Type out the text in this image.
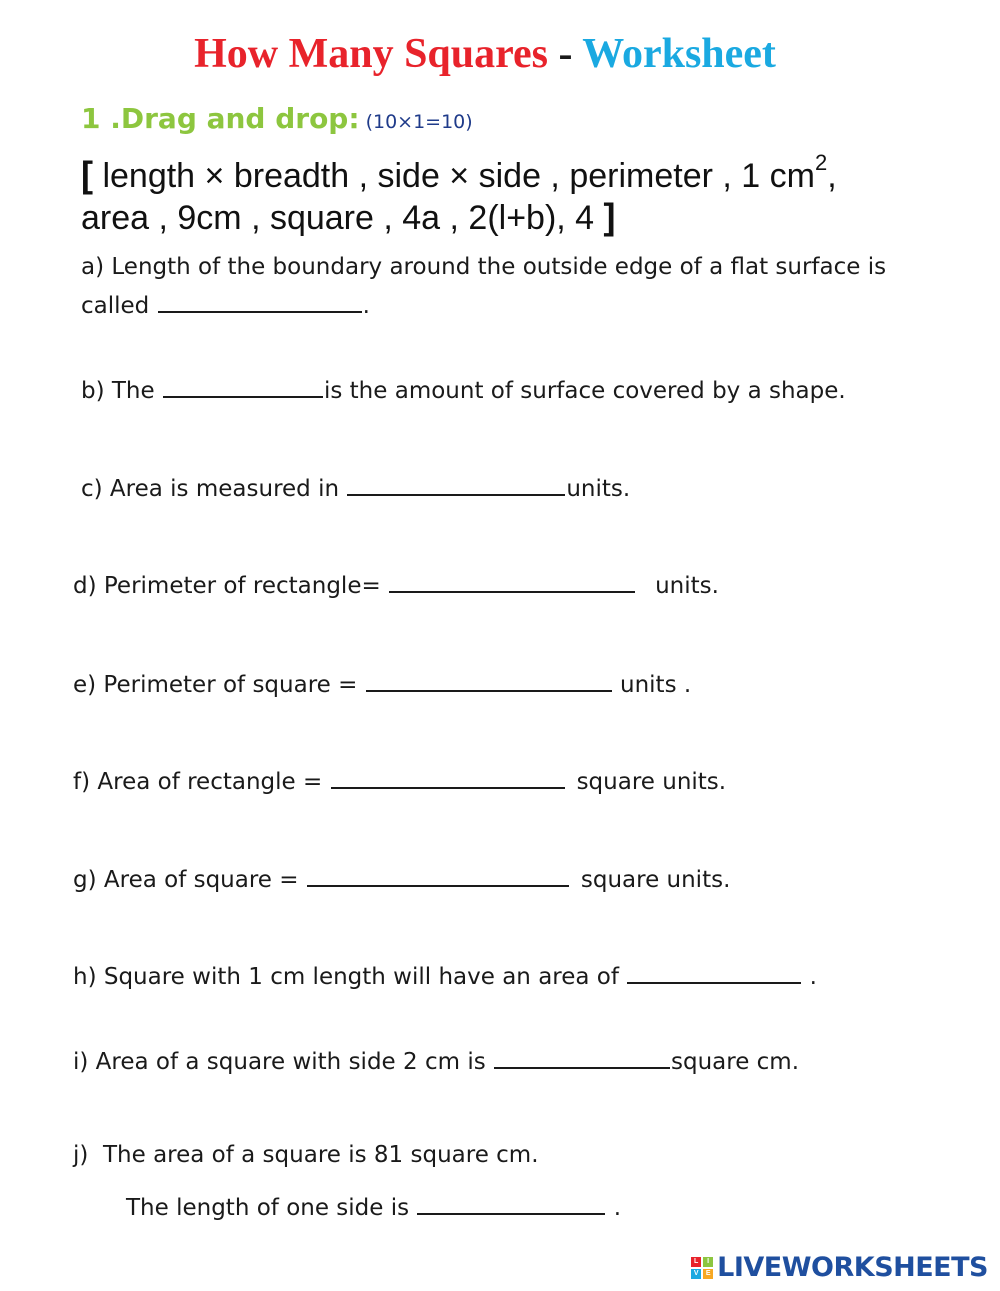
How Many Squares - Worksheet
1 .Drag and drop: (10×1=10)
[ length × breadth , side × side , perimeter , 1 $cm^2$,
area , 9cm , square , 4a , 2(l+b), 4 ]
a) Length of the boundary around the outside edge of a flat surface is
called	.
b) The	is the amount of surface covered by a shape.
c) Area is measured in	units.
d) Perimeter of rectangle=	units.
e) Perimeter of square =	units .
f) Area of rectangle =	square units.
g) Area of square =	square units.
h) Square with 1 cm length will have an area of	.
i) Area of a square with side 2 cm is	square cm.
j)  The area of a square is 81 square cm.
The length of one side is	.
L	I
V	E LIVEWORKSHEETS
